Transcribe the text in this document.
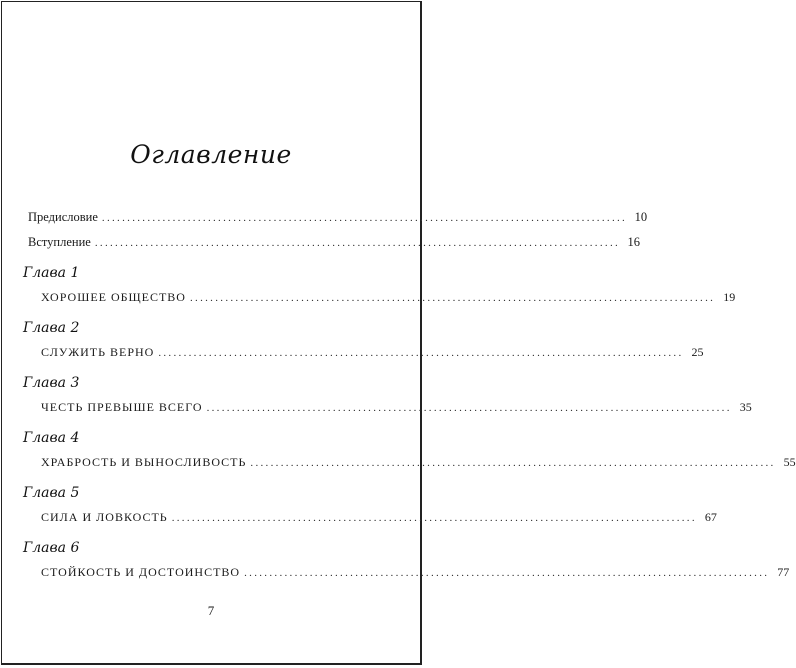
Оглавление
Предисловие ........................................................................................................ 10
Вступление ........................................................................................................ 16
Глава 1
ХОРОШЕЕ ОБЩЕСТВО ........................................................................................................ 19
Глава 2
СЛУЖИТЬ ВЕРНО ........................................................................................................ 25
Глава 3
ЧЕСТЬ ПРЕВЫШЕ ВСЕГО ........................................................................................................ 35
Глава 4
ХРАБРОСТЬ И ВЫНОСЛИВОСТЬ ........................................................................................................ 55
Глава 5
СИЛА И ЛОВКОСТЬ ........................................................................................................ 67
Глава 6
СТОЙКОСТЬ И ДОСТОИНСТВО ........................................................................................................ 77
7
